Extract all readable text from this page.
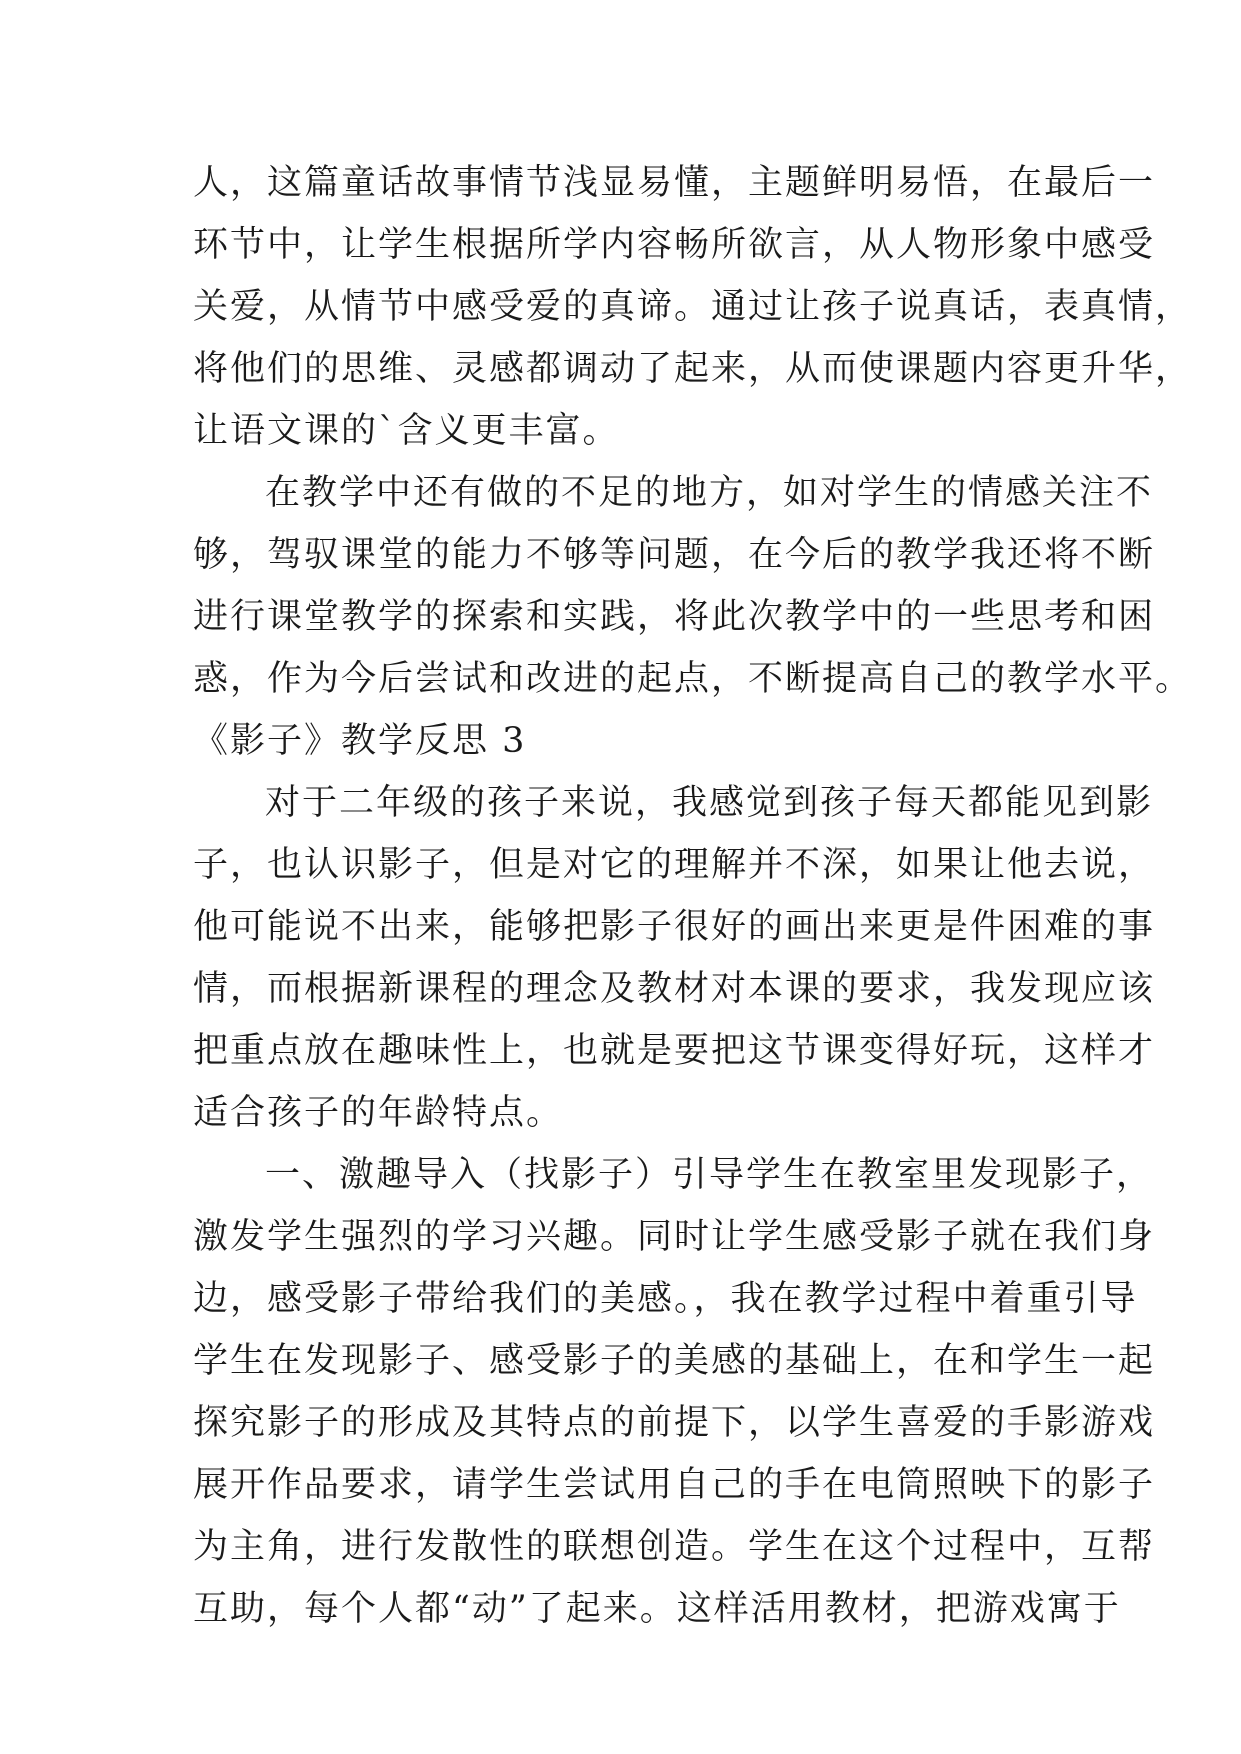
人，这篇童话故事情节浅显易懂，主题鲜明易悟，在最后一
环节中，让学生根据所学内容畅所欲言，从人物形象中感受
关爱，从情节中感受爱的真谛。通过让孩子说真话，表真情，
将他们的思维、灵感都调动了起来，从而使课题内容更升华，
让语文课的`含义更丰富。
在教学中还有做的不足的地方，如对学生的情感关注不
够，驾驭课堂的能力不够等问题，在今后的教学我还将不断
进行课堂教学的探索和实践，将此次教学中的一些思考和困
惑，作为今后尝试和改进的起点，不断提高自己的教学水平。
《影子》教学反思 3
对于二年级的孩子来说，我感觉到孩子每天都能见到影
子，也认识影子，但是对它的理解并不深，如果让他去说，
他可能说不出来，能够把影子很好的画出来更是件困难的事
情，而根据新课程的理念及教材对本课的要求，我发现应该
把重点放在趣味性上，也就是要把这节课变得好玩，这样才
适合孩子的年龄特点。
一、激趣导入（找影子）引导学生在教室里发现影子，
激发学生强烈的学习兴趣。同时让学生感受影子就在我们身
边，感受影子带给我们的美感。，我在教学过程中着重引导
学生在发现影子、感受影子的美感的基础上，在和学生一起
探究影子的形成及其特点的前提下，以学生喜爱的手影游戏
展开作品要求，请学生尝试用自己的手在电筒照映下的影子
为主角，进行发散性的联想创造。学生在这个过程中，互帮
互助，每个人都“动”了起来。这样活用教材，把游戏寓于
